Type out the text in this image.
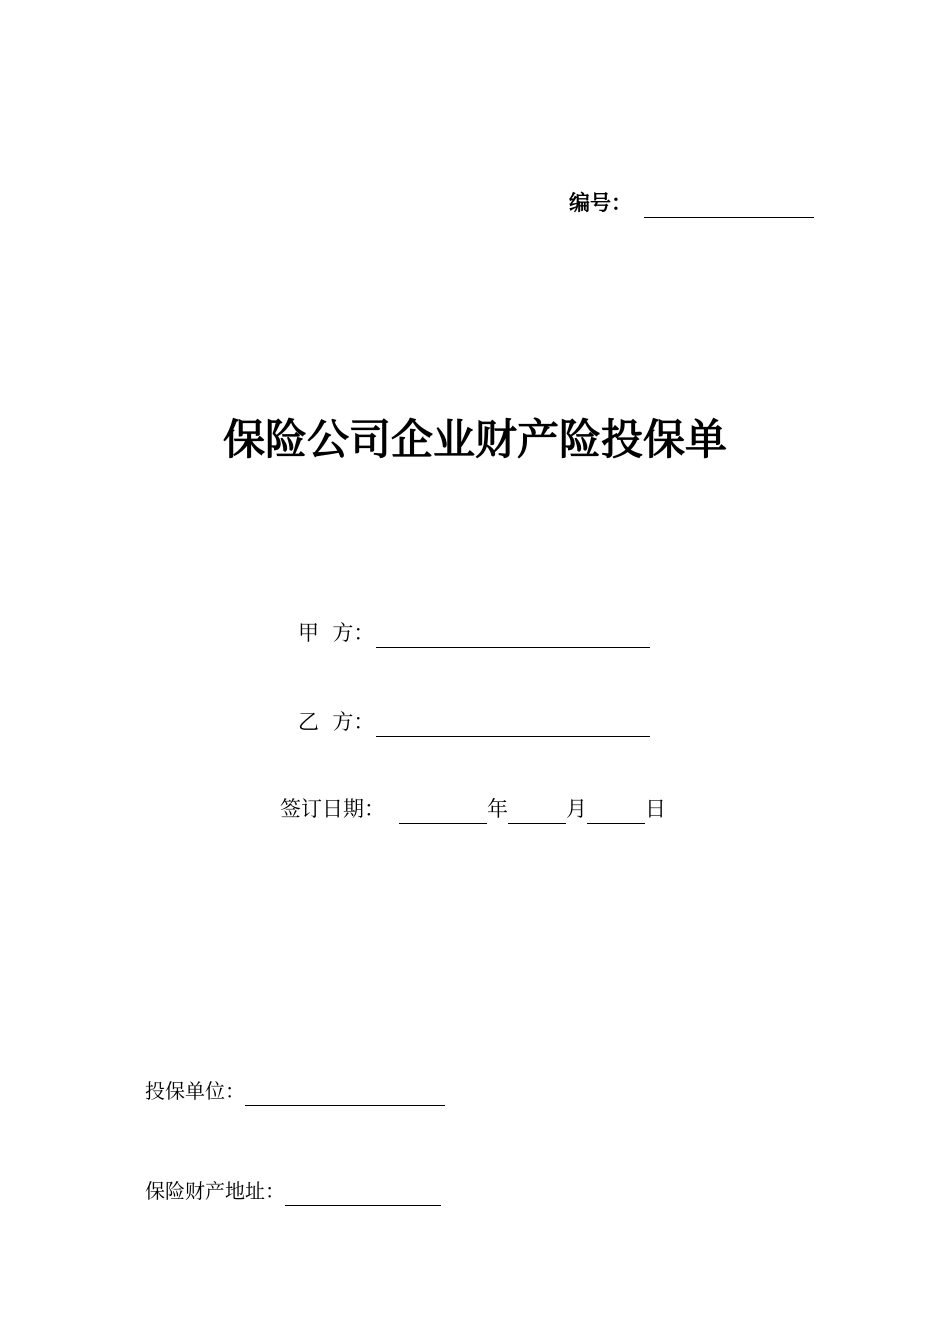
编号：
保险公司企业财产险投保单
甲  方：
乙  方：
签订日期：	年	月	日
投保单位：
保险财产地址：
